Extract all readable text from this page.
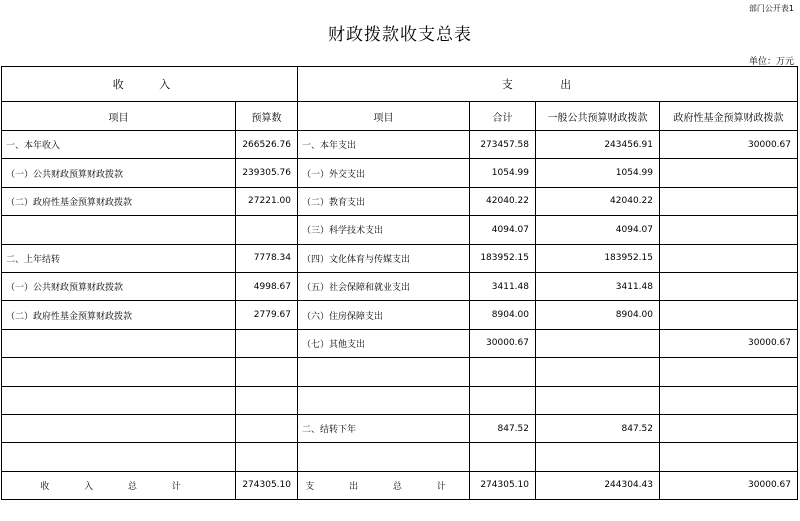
部门公开表1
财政拨款收支总表
单位：万元
收 入		支 出			
项目	预算数	项目	合计	一般公共预算财政拨款	政府性基金预算财政拨款
一、本年收入	266526.76	一、本年支出	273457.58	243456.91	30000.67
（一）公共财政预算财政拨款	239305.76	（一）外交支出	1054.99	1054.99	
（二）政府性基金预算财政拨款	27221.00	（二）教育支出	42040.22	42040.22	
		（三）科学技术支出	4094.07	4094.07	
二、上年结转	7778.34	（四）文化体育与传媒支出	183952.15	183952.15	
（一）公共财政预算财政拨款	4998.67	（五）社会保障和就业支出	3411.48	3411.48	
（二）政府性基金预算财政拨款	2779.67	（六）住房保障支出	8904.00	8904.00	
		（七）其他支出	30000.67		30000.67

		二、结转下年	847.52	847.52	

收 入 总 计	274305.10	支 出 总 计	274305.10	244304.43	30000.67
